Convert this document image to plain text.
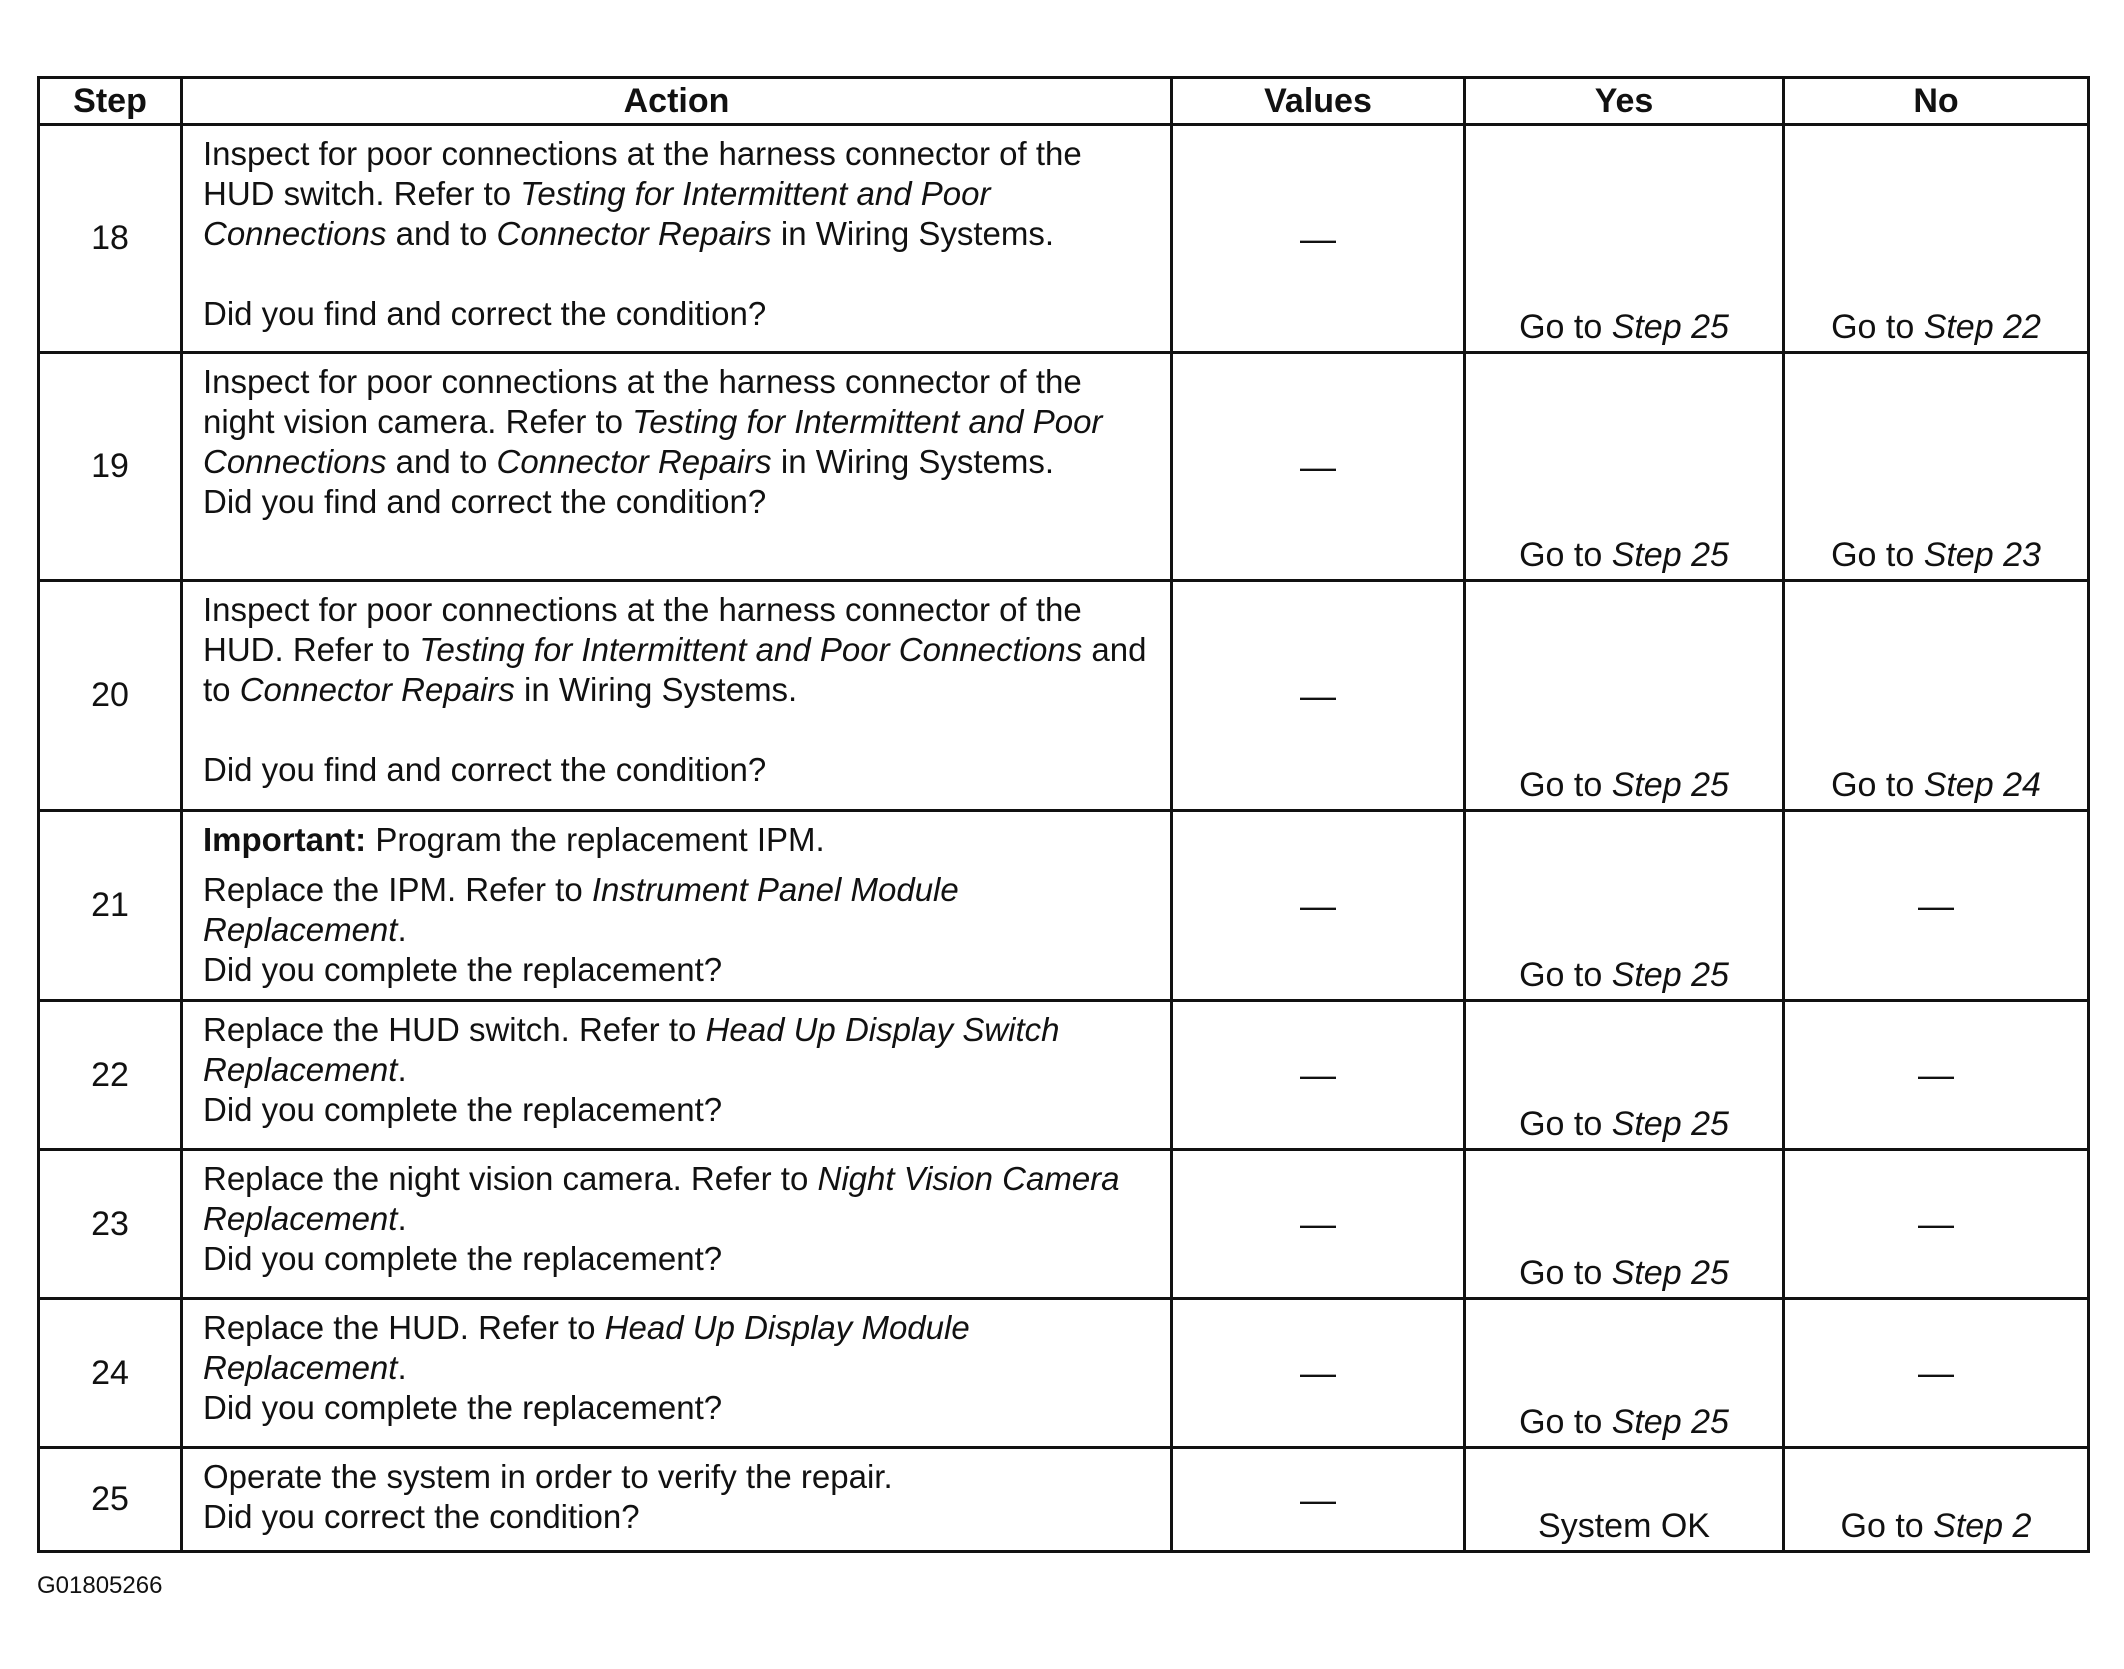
Step	Action	Values	Yes	No
18	Inspect for poor connections at the harness connector of the HUD switch. Refer to Testing for Intermittent and Poor Connections and to Connector Repairs in Wiring Systems.
Did you find and correct the condition?	—	Go to Step 25	Go to Step 22
19	Inspect for poor connections at the harness connector of the night vision camera. Refer to Testing for Intermittent and Poor Connections and to Connector Repairs in Wiring Systems.
Did you find and correct the condition?	—	Go to Step 25	Go to Step 23
20	Inspect for poor connections at the harness connector of the HUD. Refer to Testing for Intermittent and Poor Connections and to Connector Repairs in Wiring Systems.
Did you find and correct the condition?	—	Go to Step 25	Go to Step 24
21	Important: Program the replacement IPM.
Replace the IPM. Refer to Instrument Panel Module Replacement.
Did you complete the replacement?	—	Go to Step 25	—
22	Replace the HUD switch. Refer to Head Up Display Switch Replacement.
Did you complete the replacement?	—	Go to Step 25	—
23	Replace the night vision camera. Refer to Night Vision Camera Replacement.
Did you complete the replacement?	—	Go to Step 25	—
24	Replace the HUD. Refer to Head Up Display Module Replacement.
Did you complete the replacement?	—	Go to Step 25	—
25	Operate the system in order to verify the repair.
Did you correct the condition?	—	System OK	Go to Step 2
G01805266
